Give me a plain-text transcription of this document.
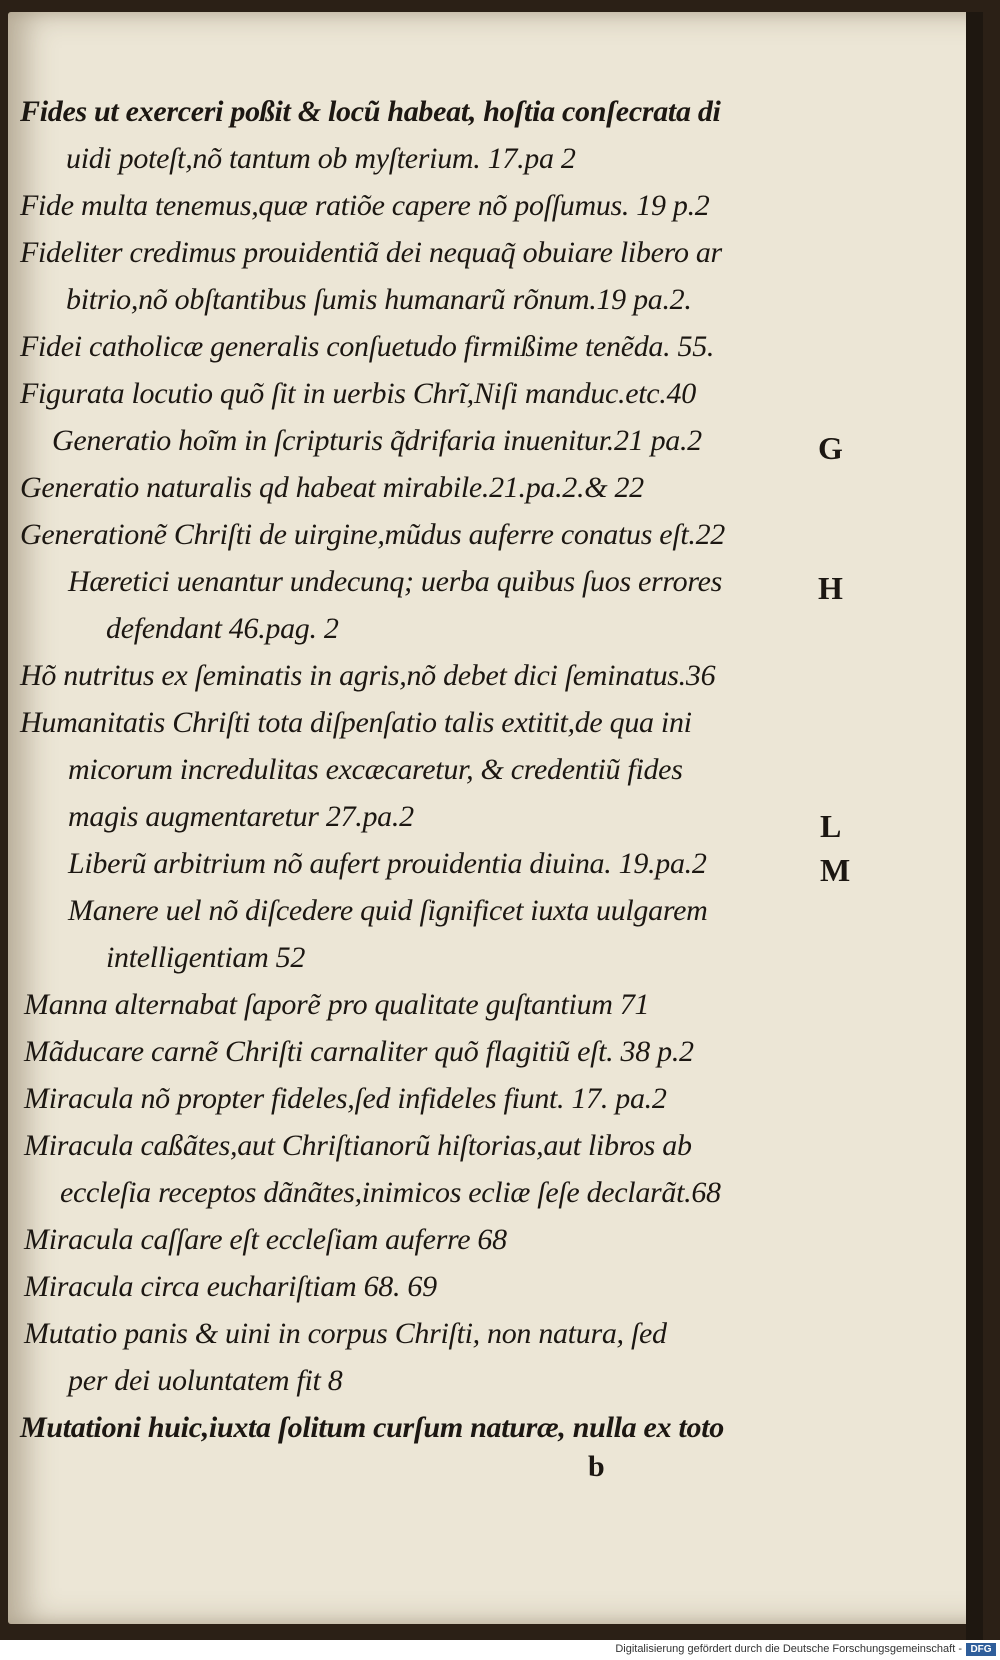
Fides ut exerceri poßit & locũ habeat, hoſtia conſecrata di
uidi poteſt,nõ tantum ob myſterium. 17.pa 2
Fide multa tenemus,quæ ratiõe capere nõ poſſumus. 19 p.2
Fideliter credimus prouidentiã dei nequaq̃ obuiare libero ar
bitrio,nõ obſtantibus ſumis humanarũ rõnum.19 pa.2.
Fidei catholicæ generalis conſuetudo firmißime tenẽda. 55.
Figurata locutio quõ ſit in uerbis Chrĩ,Niſi manduc.etc.40
Generatio hoĩm in ſcripturis q̃drifaria inuenitur.21 pa.2
Generatio naturalis qd habeat mirabile.21.pa.2.& 22
Generationẽ Chriſti de uirgine,mũdus auferre conatus eſt.22
Hæretici uenantur undecunq; uerba quibus ſuos errores
defendant 46.pag. 2
Hõ nutritus ex ſeminatis in agris,nõ debet dici ſeminatus.36
Humanitatis Chriſti tota diſpenſatio talis extitit,de qua ini
micorum incredulitas excæcaretur, & credentiũ fides
magis augmentaretur 27.pa.2
Liberũ arbitrium nõ aufert prouidentia diuina. 19.pa.2
Manere uel nõ diſcedere quid ſignificet iuxta uulgarem
intelligentiam 52
Manna alternabat ſaporẽ pro qualitate guſtantium 71
Mãducare carnẽ Chriſti carnaliter quõ flagitiũ eſt. 38 p.2
Miracula nõ propter fideles,ſed infideles fiunt. 17. pa.2
Miracula caßãtes,aut Chriſtianorũ hiſtorias,aut libros ab
eccleſia receptos dãnãtes,inimicos ecliæ ſeſe declarãt.68
Miracula caſſare eſt eccleſiam auferre 68
Miracula circa euchariſtiam 68. 69
Mutatio panis & uini in corpus Chriſti, non natura, ſed
per dei uoluntatem fit 8
Mutationi huic,iuxta ſolitum curſum naturæ, nulla ex toto
G
H
L
M
b
Digitalisierung gefördert durch die Deutsche Forschungsgemeinschaft - DFG
